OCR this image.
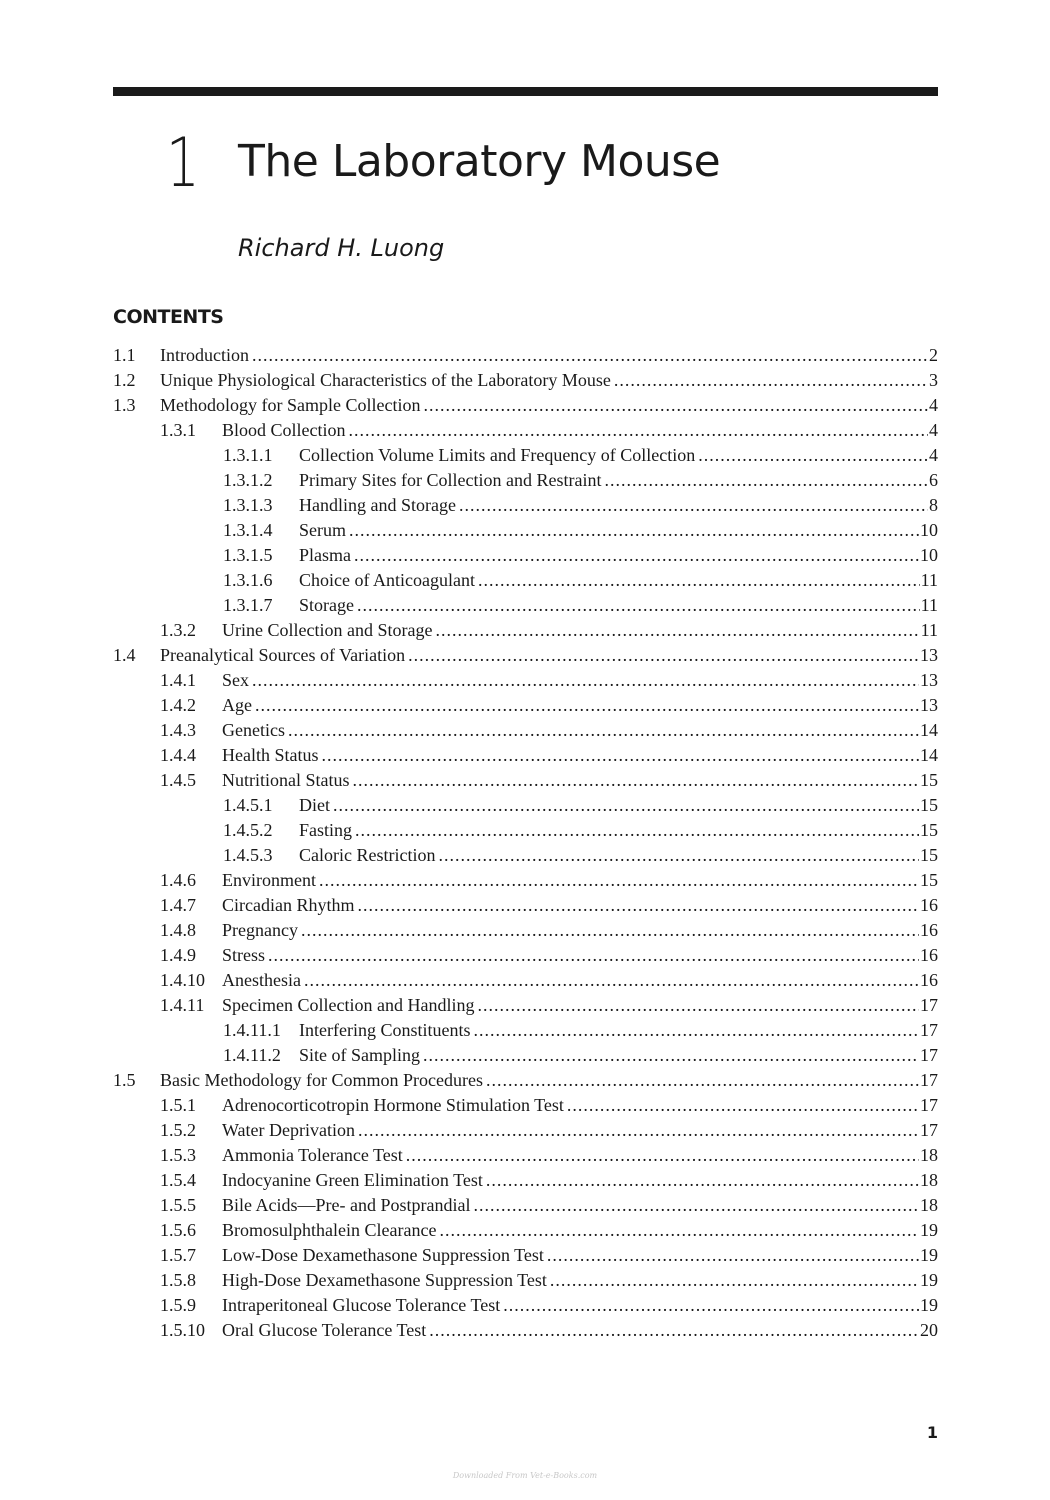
1 The Laboratory Mouse
Richard H. Luong
CONTENTS
1.1	Introduction .....	2
1.2	Unique Physiological Characteristics of the Laboratory Mouse .....	3
1.3	Methodology for Sample Collection .....	4
1.3.1	Blood Collection .....	4
1.3.1.1	Collection Volume Limits and Frequency of Collection .....	4
1.3.1.2	Primary Sites for Collection and Restraint .....	6
1.3.1.3	Handling and Storage .....	8
1.3.1.4	Serum .....	10
1.3.1.5	Plasma .....	10
1.3.1.6	Choice of Anticoagulant .....	11
1.3.1.7	Storage .....	11
1.3.2	Urine Collection and Storage .....	11
1.4	Preanalytical Sources of Variation .....	13
1.4.1	Sex .....	13
1.4.2	Age .....	13
1.4.3	Genetics .....	14
1.4.4	Health Status .....	14
1.4.5	Nutritional Status .....	15
1.4.5.1	Diet .....	15
1.4.5.2	Fasting .....	15
1.4.5.3	Caloric Restriction .....	15
1.4.6	Environment .....	15
1.4.7	Circadian Rhythm .....	16
1.4.8	Pregnancy .....	16
1.4.9	Stress .....	16
1.4.10 Anesthesia .....	16
1.4.11 Specimen Collection and Handling .....	17
1.4.11.1	Interfering Constituents .....	17
1.4.11.2	Site of Sampling .....	17
1.5	Basic Methodology for Common Procedures .....	17
1.5.1	Adrenocorticotropin Hormone Stimulation Test .....	17
1.5.2	Water Deprivation .....	17
1.5.3	Ammonia Tolerance Test .....	18
1.5.4	Indocyanine Green Elimination Test .....	18
1.5.5	Bile Acids—Pre- and Postprandial .....	18
1.5.6	Bromosulphthalein Clearance .....	19
1.5.7	Low-Dose Dexamethasone Suppression Test .....	19
1.5.8	High-Dose Dexamethasone Suppression Test .....	19
1.5.9	Intraperitoneal Glucose Tolerance Test .....	19
1.5.10 Oral Glucose Tolerance Test .....	20
1
Downloaded From Vet-e-Books.com
